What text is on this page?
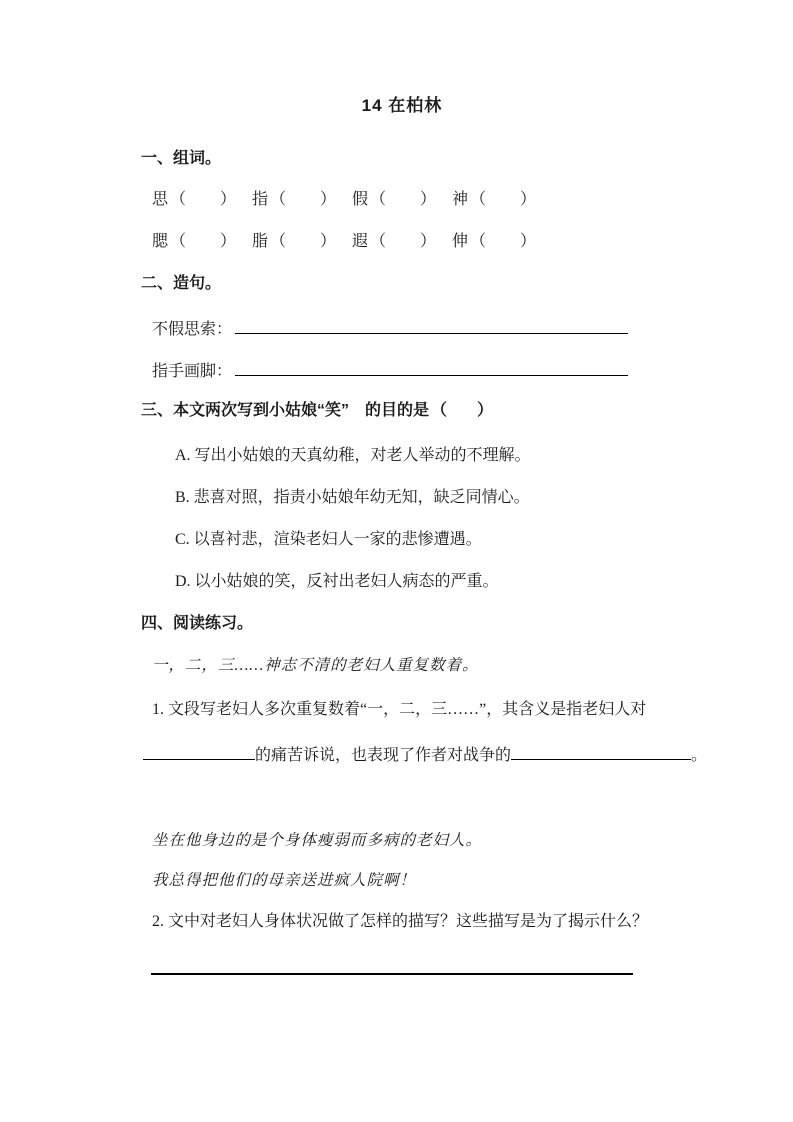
14 在柏林
一、组词。
思 （ ） 指 （ ） 假 （ ） 神 （ ）
腮 （ ） 脂 （ ） 遐 （ ） 伸 （ ）
二、造句。
不假思索：
指手画脚：
三、本文两次写到小姑娘“笑”　的目的是 （ ）
A. 写出小姑娘的天真幼稚，对老人举动的不理解。
B. 悲喜对照，指责小姑娘年幼无知，缺乏同情心。
C. 以喜衬悲，渲染老妇人一家的悲惨遭遇。
D. 以小姑娘的笑，反衬出老妇人病态的严重。
四、阅读练习。
一，二，三……神志不清的老妇人重复数着。
1. 文段写老妇人多次重复数着“一，二，三……”，其含义是指老妇人对
的痛苦诉说，也表现了作者对战争的	。
坐在他身边的是个身体瘦弱而多病的老妇人。
我总得把他们的母亲送进疯人院啊！
2. 文中对老妇人身体状况做了怎样的描写？这些描写是为了揭示什么？
